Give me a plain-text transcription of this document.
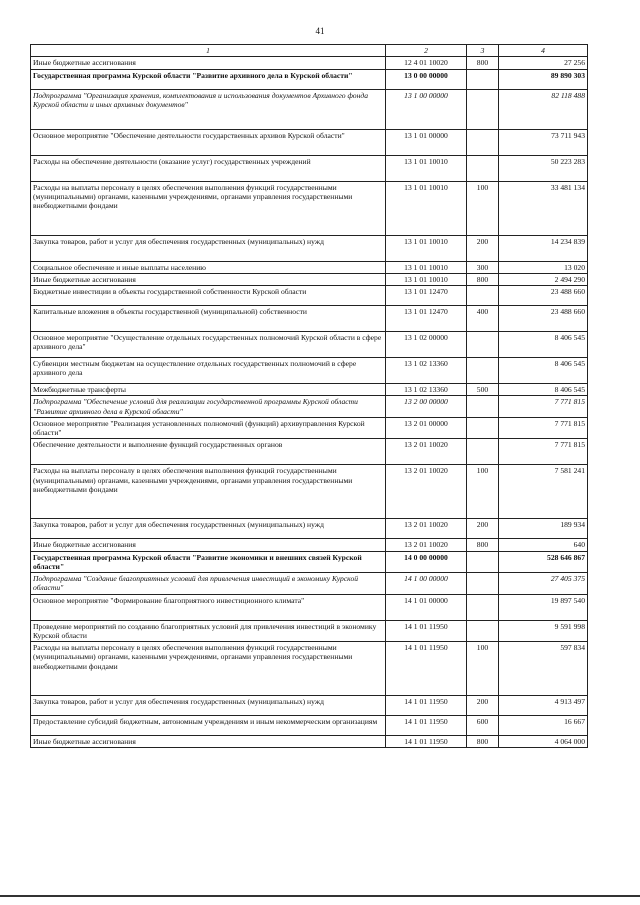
41
1	2	3	4
Иные бюджетные ассигнования	12 4 01 10020	800	27 256
Государственная программа Курской области "Развитие архивного дела в Курской области"	13 0 00 00000		89 890 303
Подпрограмма "Организация хранения, комплектования и использования документов Архивного фонда Курской области и иных архивных документов"	13 1 00 00000		82 118 488
Основное мероприятие "Обеспечение деятельности государственных архивов Курской области"	13 1 01 00000		73 711 943
Расходы на обеспечение деятельности (оказание услуг) государственных учреждений	13 1 01 10010		50 223 283
Расходы на выплаты персоналу в целях обеспечения выполнения функций государственными (муниципальными) органами, казенными учреждениями, органами управления государственными внебюджетными фондами	13 1 01 10010	100	33 481 134
Закупка товаров, работ и услуг для обеспечения государственных (муниципальных) нужд	13 1 01 10010	200	14 234 839
Социальное обеспечение и иные выплаты населению	13 1 01 10010	300	13 020
Иные бюджетные ассигнования	13 1 01 10010	800	2 494 290
Бюджетные инвестиции в объекты государственной собственности Курской области	13 1 01 12470		23 488 660
Капитальные вложения в объекты государственной (муниципальной) собственности	13 1 01 12470	400	23 488 660
Основное мероприятие "Осуществление отдельных государственных полномочий Курской области в сфере архивного дела"	13 1 02 00000		8 406 545
Субвенции местным бюджетам на осуществление отдельных государственных полномочий в сфере архивного дела	13 1 02 13360		8 406 545
Межбюджетные трансферты	13 1 02 13360	500	8 406 545
Подпрограмма "Обеспечение условий для реализации государственной программы Курской области "Развитие архивного дела в Курской области"	13 2 00 00000		7 771 815
Основное мероприятие "Реализация установленных полномочий (функций) архивуправления Курской области"	13 2 01 00000		7 771 815
Обеспечение деятельности и выполнение функций государственных органов	13 2 01 10020		7 771 815
Расходы на выплаты персоналу в целях обеспечения выполнения функций государственными (муниципальными) органами, казенными учреждениями, органами управления государственными внебюджетными фондами	13 2 01 10020	100	7 581 241
Закупка товаров, работ и услуг для обеспечения государственных (муниципальных) нужд	13 2 01 10020	200	189 934
Иные бюджетные ассигнования	13 2 01 10020	800	640
Государственная программа Курской области "Развитие экономики и внешних связей Курской области"	14 0 00 00000		528 646 867
Подпрограмма "Создание благоприятных условий для привлечения инвестиций в экономику Курской области"	14 1 00 00000		27 405 375
Основное мероприятие "Формирование благоприятного инвестиционного климата"	14 1 01 00000		19 897 540
Проведение мероприятий по созданию благоприятных условий для привлечения инвестиций в экономику Курской области	14 1 01 11950		9 591 998
Расходы на выплаты персоналу в целях обеспечения выполнения функций государственными (муниципальными) органами, казенными учреждениями, органами управления государственными внебюджетными фондами	14 1 01 11950	100	597 834
Закупка товаров, работ и услуг для обеспечения государственных (муниципальных) нужд	14 1 01 11950	200	4 913 497
Предоставление субсидий бюджетным, автономным учреждениям и иным некоммерческим организациям	14 1 01 11950	600	16 667
Иные бюджетные ассигнования	14 1 01 11950	800	4 064 000
